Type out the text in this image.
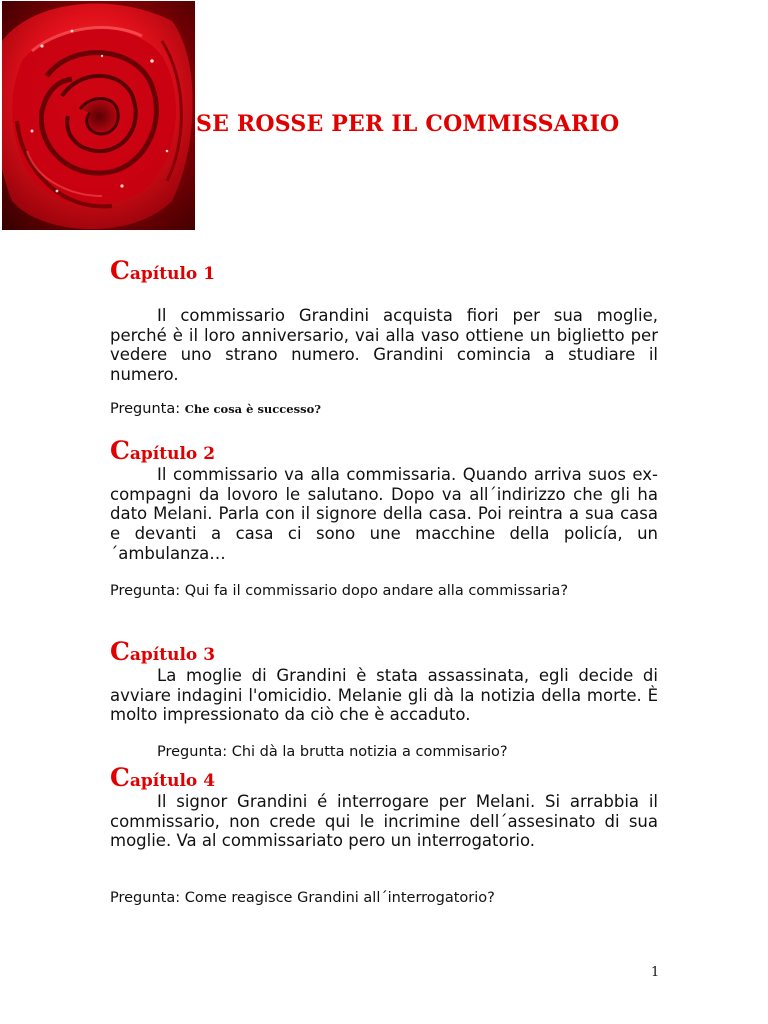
SE ROSSE PER IL COMMISSARIO
Capítulo 1

Il commissario Grandini acquista fiori per sua moglie, perché è il loro anniversario, vai alla vaso ottiene un biglietto per vedere uno strano numero. Grandini comincia a studiare il numero.

Pregunta: Che cosa è successo?

Capítulo 2

Il commissario va alla commissaria. Quando arriva suos ex-compagni da lovoro le salutano. Dopo va all´indirizzo che gli ha dato Melani. Parla con il signore della casa. Poi reintra a sua casa e devanti a casa ci sono une macchine della policía, un´ambulanza…

Pregunta: Qui fa il commissario dopo andare alla commissaria?

Capítulo 3

La moglie di Grandini è stata assassinata, egli decide di avviare indagini l'omicidio. Melanie gli dà la notizia della morte. È molto impressionato da ciò che è accaduto.

Pregunta: Chi dà la brutta notizia a commisario?

Capítulo 4

Il signor Grandini é interrogare per Melani. Si arrabbia il commissario, non crede qui le incrimine dell´assesinato di sua moglie. Va al commissariato pero un interrogatorio.

Pregunta: Come reagisce Grandini all´interrogatorio?

1
